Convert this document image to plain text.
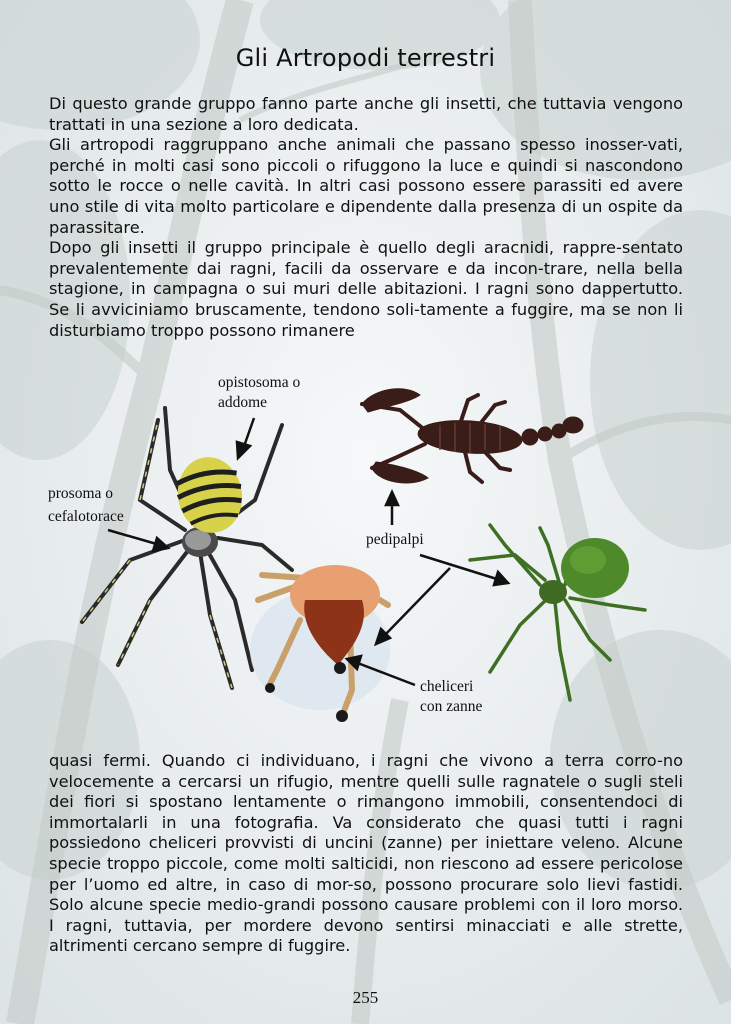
Gli Artropodi terrestri

Di questo grande gruppo fanno parte anche gli insetti, che tuttavia vengono trattati in una sezione a loro dedicata.

Gli artropodi raggruppano anche animali che passano spesso inosser-vati, perché in molti casi sono piccoli o rifuggono la luce e quindi si nascondono sotto le rocce o nelle cavità. In altri casi possono essere parassiti ed avere uno stile di vita molto particolare e dipendente dalla presenza di un ospite da parassitare.

Dopo gli insetti il gruppo principale è quello degli aracnidi, rappre-sentato prevalentemente dai ragni, facili da osservare e da incon-trare, nella bella stagione, in campagna o sui muri delle abitazioni. I ragni sono dappertutto. Se li avviciniamo bruscamente, tendono soli-tamente a fuggire, ma se non li disturbiamo troppo possono rimanere

opistosoma o
addome
prosoma o
cefalotorace
pedipalpi
cheliceri
con zanne

quasi fermi. Quando ci individuano, i ragni che vivono a terra corro-no velocemente a cercarsi un rifugio, mentre quelli sulle ragnatele o sugli steli dei fiori si spostano lentamente o rimangono immobili, consentendoci di immortalarli in una fotografia. Va considerato che quasi tutti i ragni possiedono cheliceri provvisti di uncini (zanne) per iniettare veleno. Alcune specie troppo piccole, come molti salticidi, non riescono ad essere pericolose per l’uomo ed altre, in caso di mor-so, possono procurare solo lievi fastidi. Solo alcune specie medio-grandi possono causare problemi con il loro morso. I ragni, tuttavia, per mordere devono sentirsi minacciati e alle strette, altrimenti cercano sempre di fuggire.

255
